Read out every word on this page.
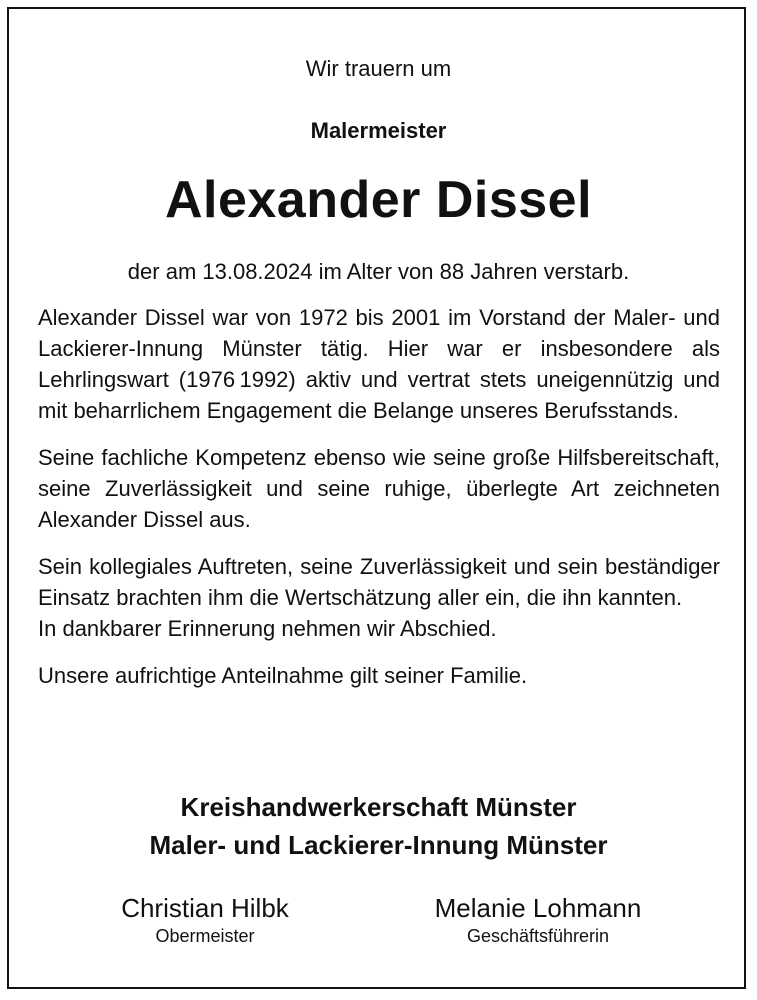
Wir trauern um
Malermeister
Alexander Dissel
der am 13.08.2024 im Alter von 88 Jahren verstarb.

Alexander Dissel war von 1972 bis 2001 im Vorstand der Maler- und Lackierer-Innung Münster tätig. Hier war er insbesondere als Lehrlingswart (1976 1992) aktiv und vertrat stets uneigennützig und mit beharrlichem Engagement die Belange unseres Berufsstands.

Seine fachliche Kompetenz ebenso wie seine große Hilfsbereitschaft, seine Zuverlässigkeit und seine ruhige, überlegte Art zeichneten Alexander Dissel aus.

Sein kollegiales Auftreten, seine Zuverlässigkeit und sein beständiger Einsatz brachten ihm die Wertschätzung aller ein, die ihn kannten.

In dankbarer Erinnerung nehmen wir Abschied.

Unsere aufrichtige Anteilnahme gilt seiner Familie.

Kreishandwerkerschaft Münster
Maler- und Lackierer-Innung Münster
Christian Hilbk
Obermeister
Melanie Lohmann
Geschäftsführerin
